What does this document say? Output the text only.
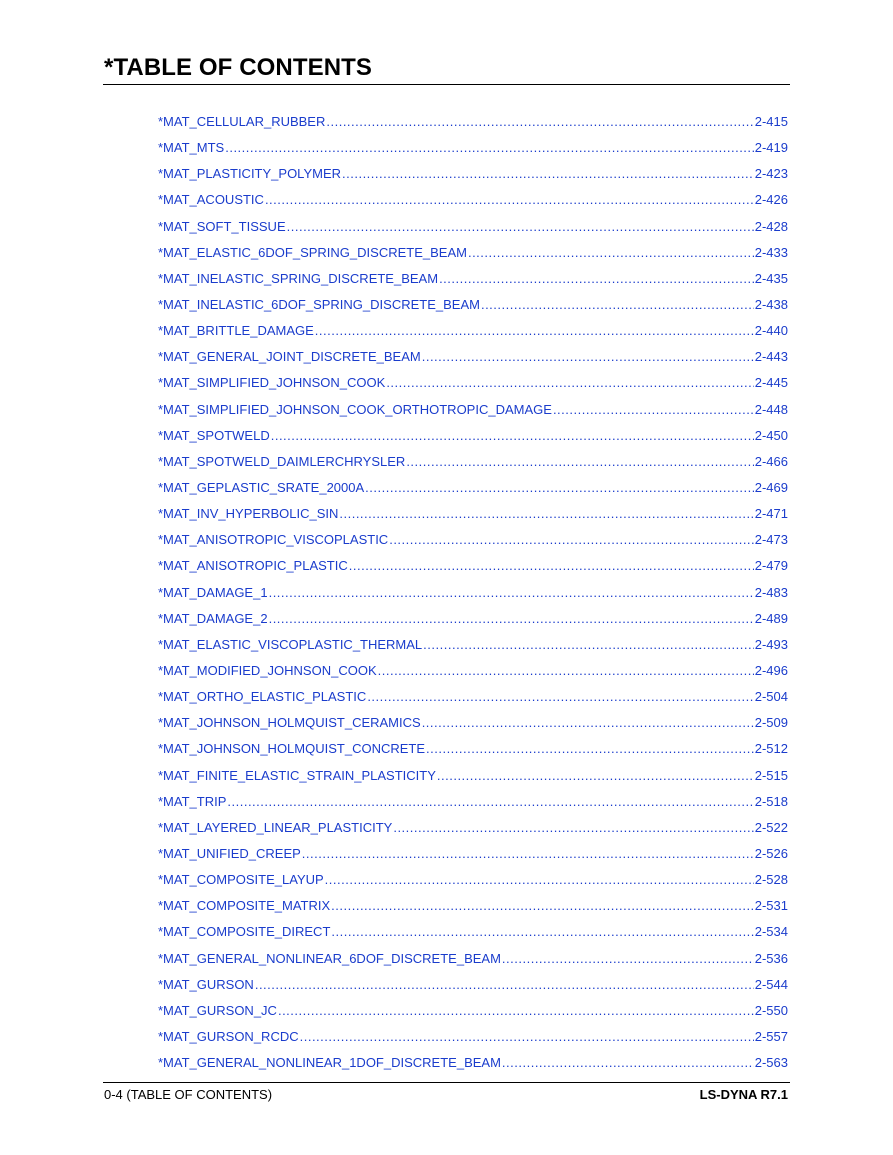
*TABLE OF CONTENTS
*MAT_CELLULAR_RUBBER .....	2-415
*MAT_MTS .....	2-419
*MAT_PLASTICITY_POLYMER .....	2-423
*MAT_ACOUSTIC .....	2-426
*MAT_SOFT_TISSUE .....	2-428
*MAT_ELASTIC_6DOF_SPRING_DISCRETE_BEAM .....	2-433
*MAT_INELASTIC_SPRING_DISCRETE_BEAM .....	2-435
*MAT_INELASTIC_6DOF_SPRING_DISCRETE_BEAM .....	2-438
*MAT_BRITTLE_DAMAGE .....	2-440
*MAT_GENERAL_JOINT_DISCRETE_BEAM .....	2-443
*MAT_SIMPLIFIED_JOHNSON_COOK .....	2-445
*MAT_SIMPLIFIED_JOHNSON_COOK_ORTHOTROPIC_DAMAGE .....	2-448
*MAT_SPOTWELD .....	2-450
*MAT_SPOTWELD_DAIMLERCHRYSLER .....	2-466
*MAT_GEPLASTIC_SRATE_2000A .....	2-469
*MAT_INV_HYPERBOLIC_SIN .....	2-471
*MAT_ANISOTROPIC_VISCOPLASTIC .....	2-473
*MAT_ANISOTROPIC_PLASTIC .....	2-479
*MAT_DAMAGE_1 .....	2-483
*MAT_DAMAGE_2 .....	2-489
*MAT_ELASTIC_VISCOPLASTIC_THERMAL .....	2-493
*MAT_MODIFIED_JOHNSON_COOK .....	2-496
*MAT_ORTHO_ELASTIC_PLASTIC .....	2-504
*MAT_JOHNSON_HOLMQUIST_CERAMICS .....	2-509
*MAT_JOHNSON_HOLMQUIST_CONCRETE .....	2-512
*MAT_FINITE_ELASTIC_STRAIN_PLASTICITY .....	2-515
*MAT_TRIP .....	2-518
*MAT_LAYERED_LINEAR_PLASTICITY .....	2-522
*MAT_UNIFIED_CREEP .....	2-526
*MAT_COMPOSITE_LAYUP .....	2-528
*MAT_COMPOSITE_MATRIX .....	2-531
*MAT_COMPOSITE_DIRECT .....	2-534
*MAT_GENERAL_NONLINEAR_6DOF_DISCRETE_BEAM .....	2-536
*MAT_GURSON .....	2-544
*MAT_GURSON_JC .....	2-550
*MAT_GURSON_RCDC .....	2-557
*MAT_GENERAL_NONLINEAR_1DOF_DISCRETE_BEAM .....	2-563
0-4 (TABLE OF CONTENTS)	LS-DYNA R7.1
